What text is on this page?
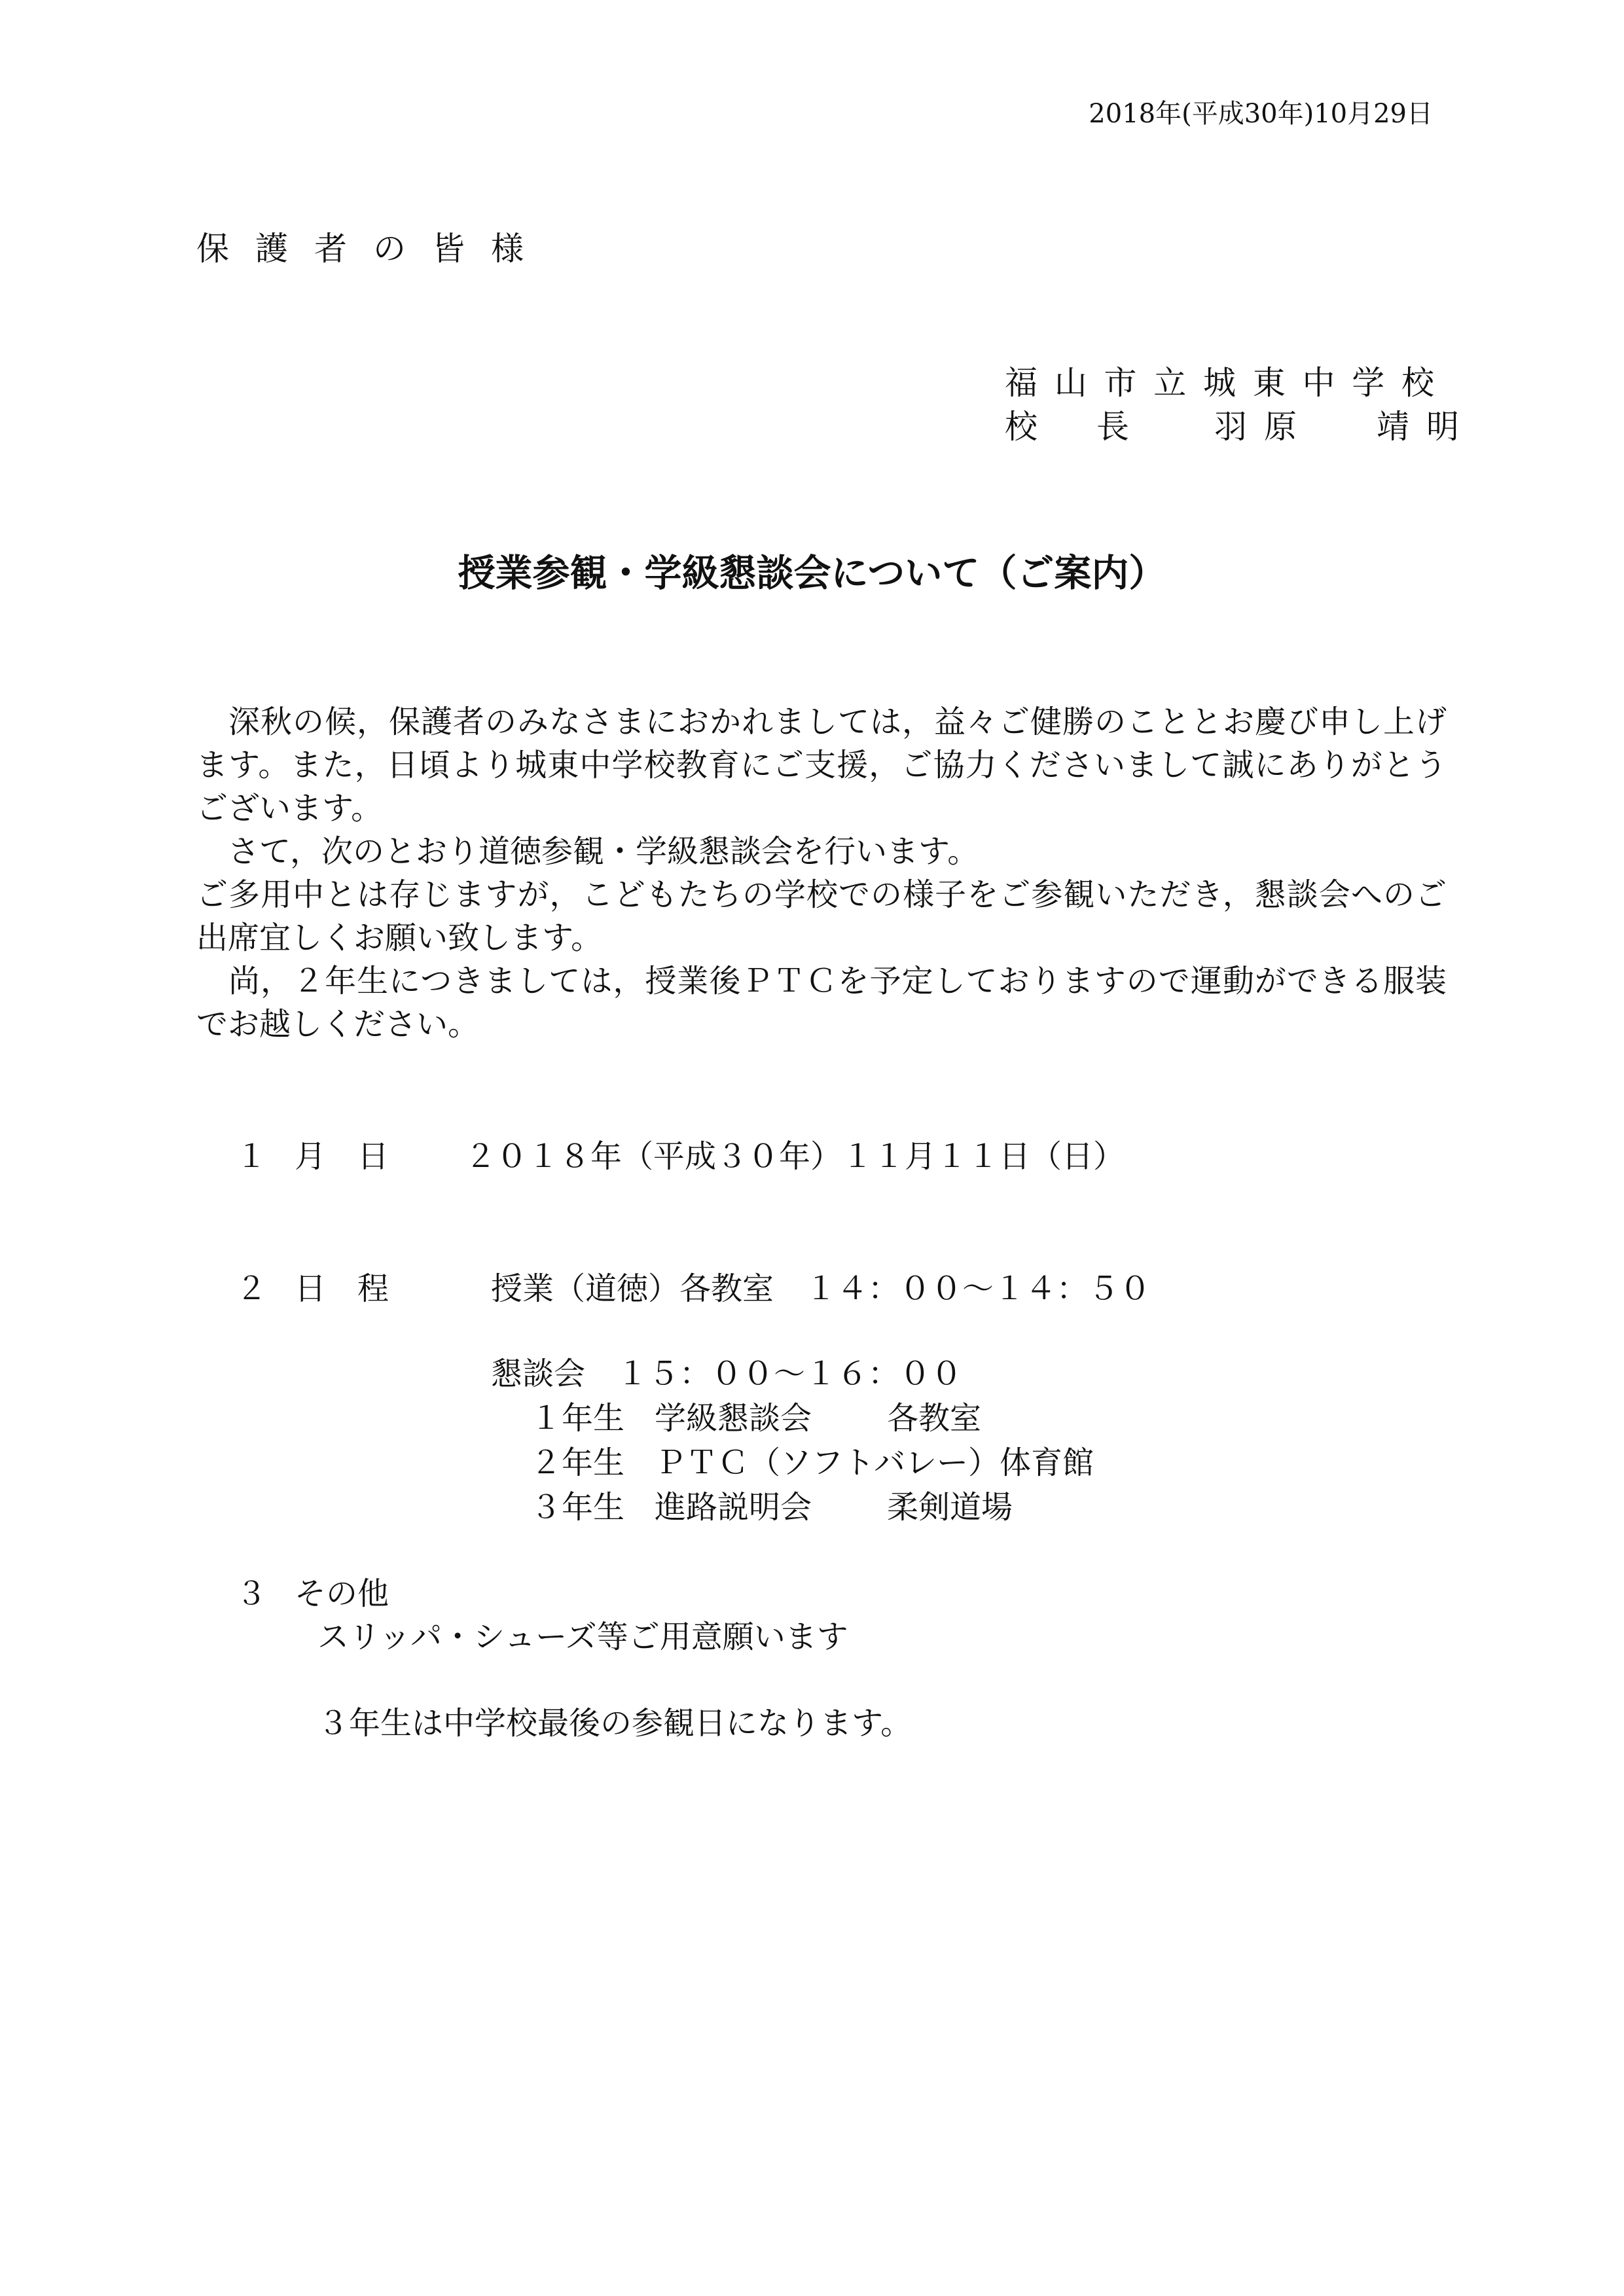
2018年(平成30年)10月29日
保護者の皆様
福 山 市 立 城 東 中 学 校
校 長	羽 原 靖 明
授業参観・学級懇談会について（ご案内）

　深秋の候，保護者のみなさまにおかれましては，益々ご健勝のこととお慶び申し上げます。また，日頃より城東中学校教育にご支援，ご協力くださいまして誠にありがとうございます。

　さて，次のとおり道徳参観・学級懇談会を行います。

ご多用中とは存じますが，こどもたちの学校での様子をご参観いただき，懇談会へのご出席宜しくお願い致します。

　尚，２年生につきましては，授業後ＰＴＣを予定しておりますので運動ができる服装でお越しください。

１ 月　日 ２０１８年（平成３０年）１１月１１日（日）
２ 日　程	授業（道徳）各教室　１４：００～１４：５０
懇談会　１５：００～１６：００
１年生 学級懇談会 各教室
２年生 ＰＴＣ（ソフトバレー）体育館
３年生 進路説明会 柔剣道場
３ その他
スリッパ・シューズ等ご用意願います
３年生は中学校最後の参観日になります。
